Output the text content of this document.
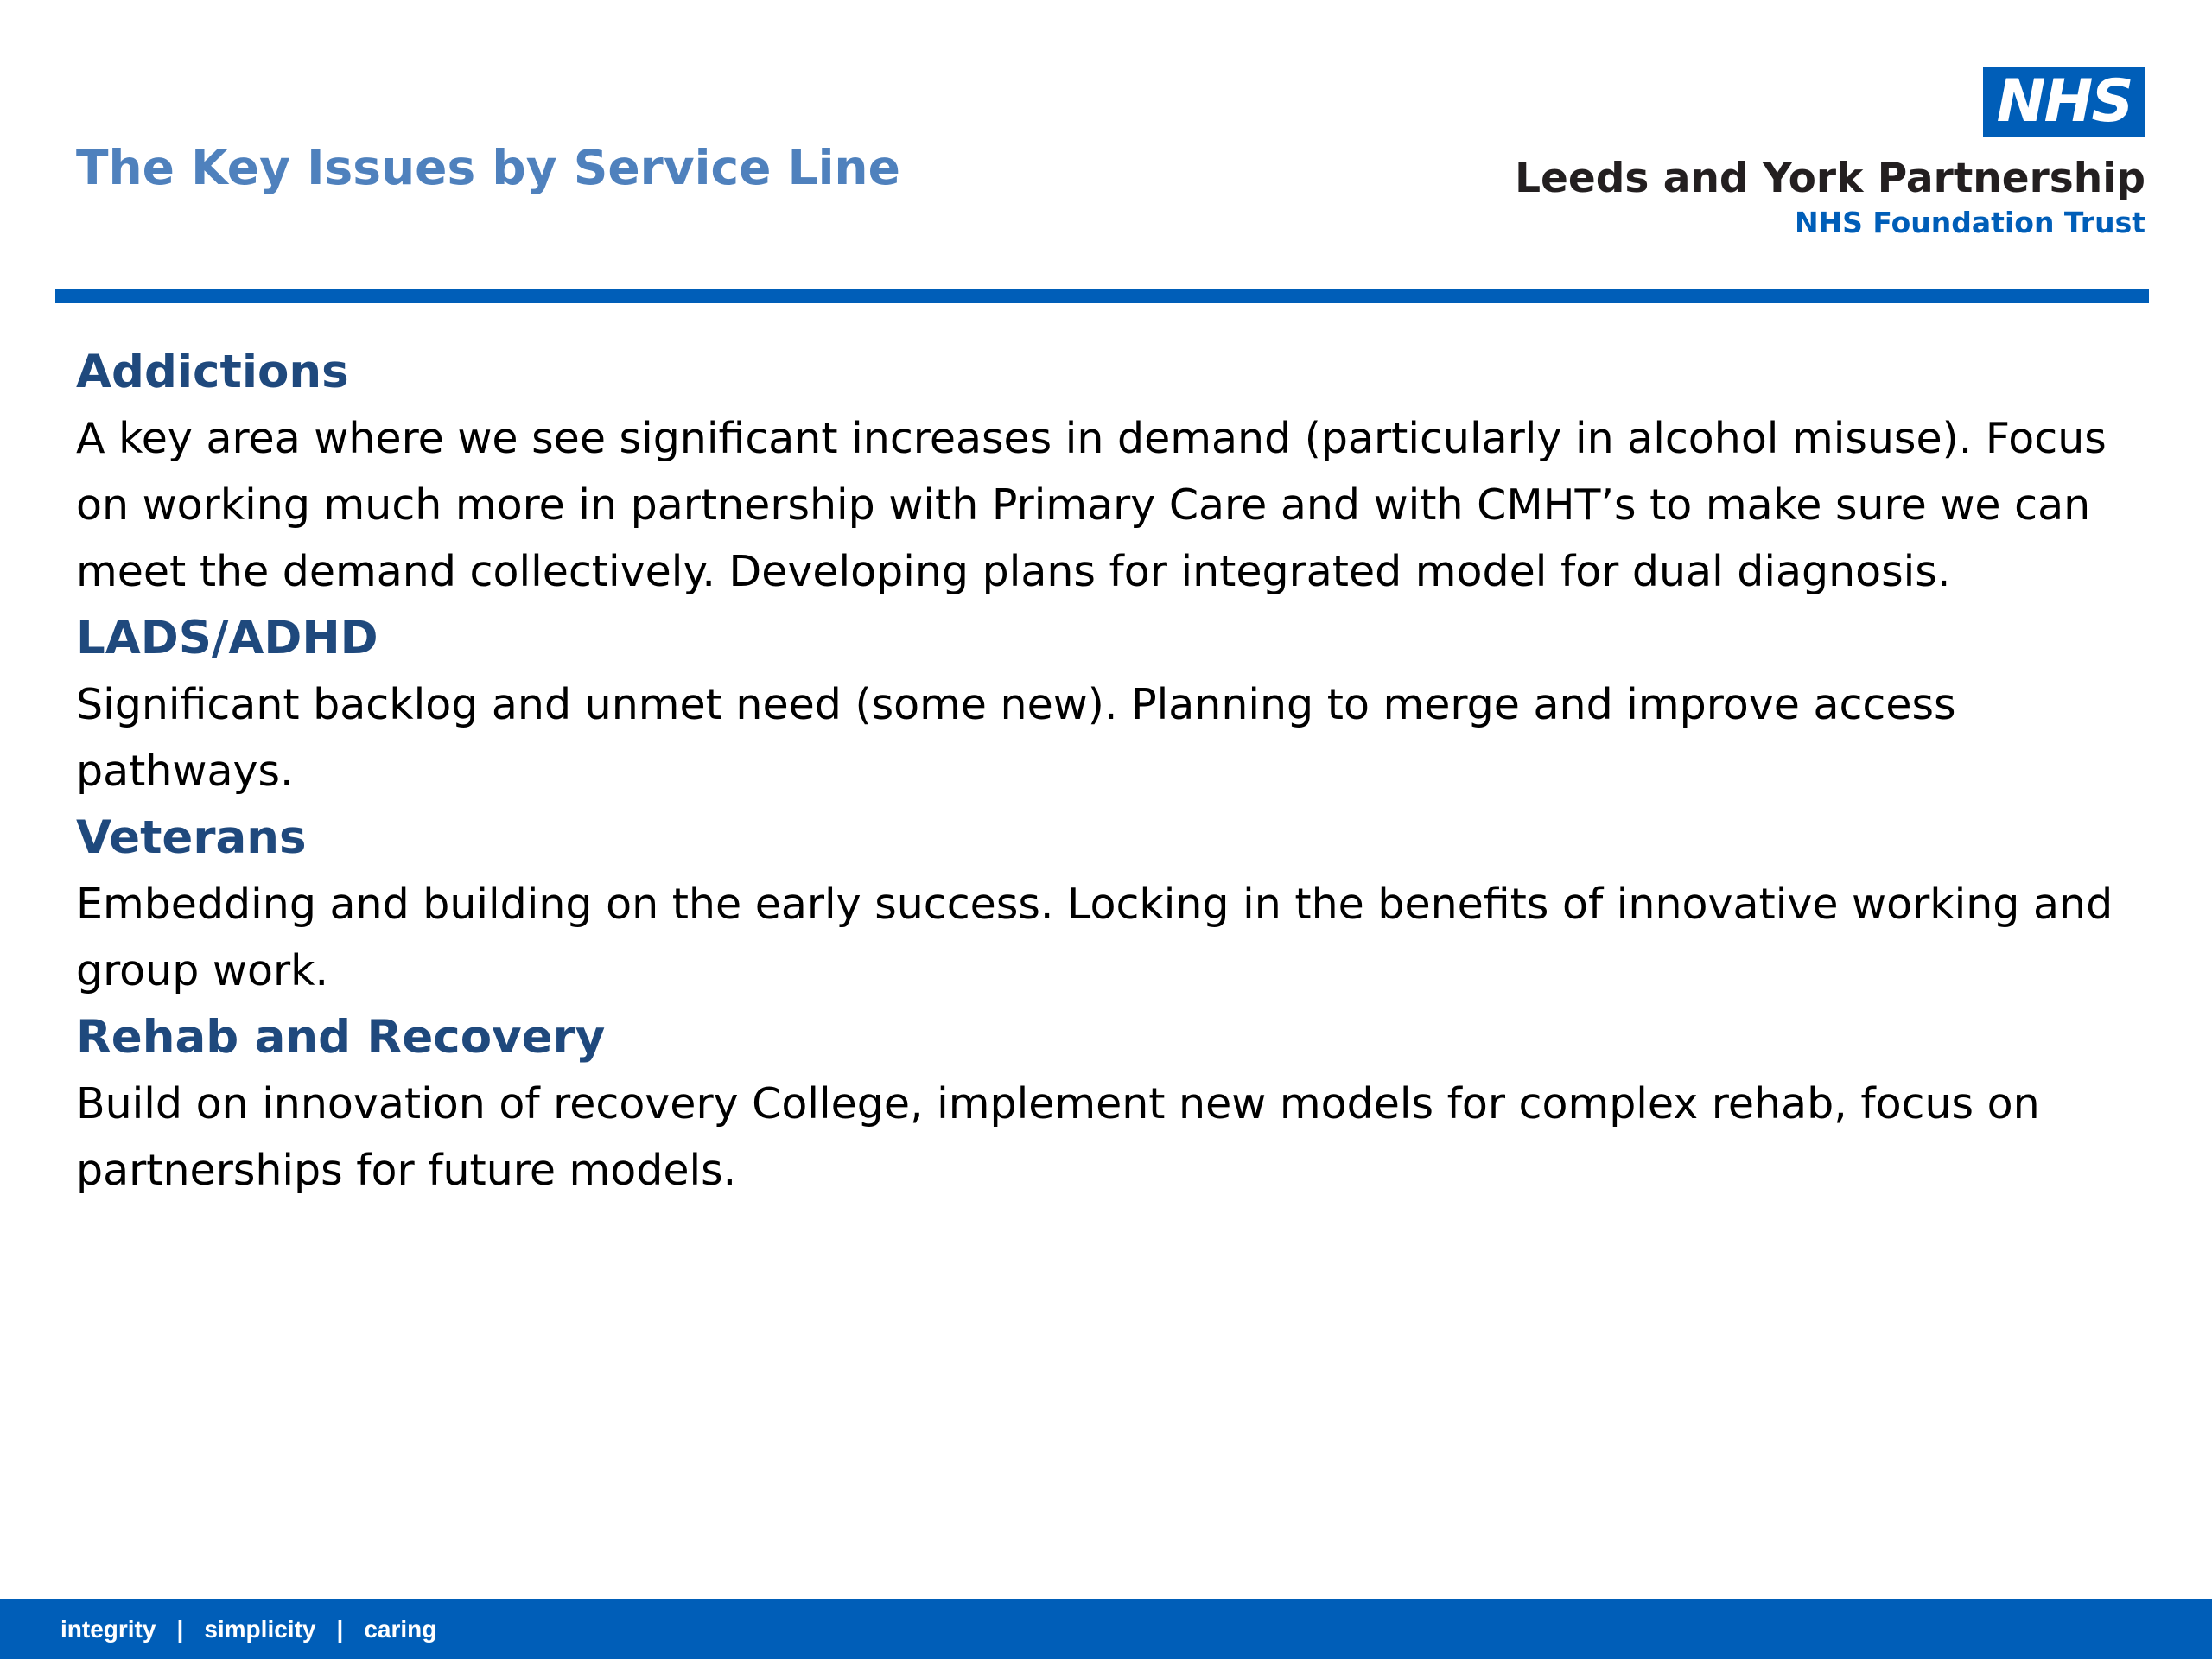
The Key Issues by Service Line
NHS
Leeds and York Partnership
NHS Foundation Trust

Addictions

A key area where we see significant increases in demand (particularly in alcohol misuse). Focus on working much more in partnership with Primary Care and with CMHT’s to make sure we can meet the demand collectively. Developing plans for integrated model for dual diagnosis.

LADS/ADHD

Significant backlog and unmet need (some new). Planning to merge and improve access pathways.

Veterans

Embedding and building on the early success. Locking in the benefits of innovative working and group work.

Rehab and Recovery

Build on innovation of recovery College, implement new models for complex rehab, focus on partnerships for future models.

integrity | simplicity | caring
